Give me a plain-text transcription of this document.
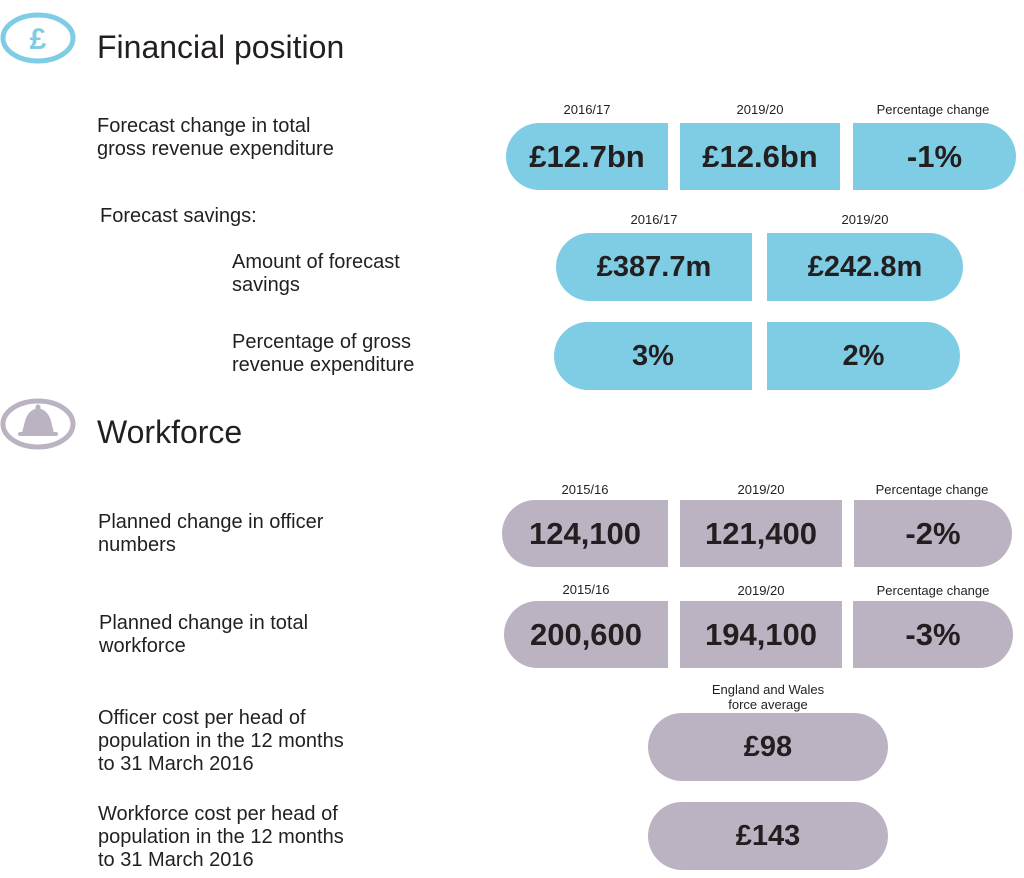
£ Financial position
2016/17	2019/20	Percentage change
Forecast change in total
gross revenue expenditure	£12.7bn	£12.6bn	-1%
Forecast savings:	2016/17	2019/20
Amount of forecast
savings
£387.7m	£242.8m
Percentage of gross
revenue expenditure	3%	2%
Workforce
2015/16	2019/20	Percentage change
Planned change in officer
numbers	124,100	121,400	-2%
2015/16	2019/20	Percentage change
Planned change in total
workforce	200,600	194,100	-3%
England and Wales
force average
Officer cost per head of
population in the 12 months
to 31 March 2016
£98
Workforce cost per head of
population in the 12 months
to 31 March 2016
£143
